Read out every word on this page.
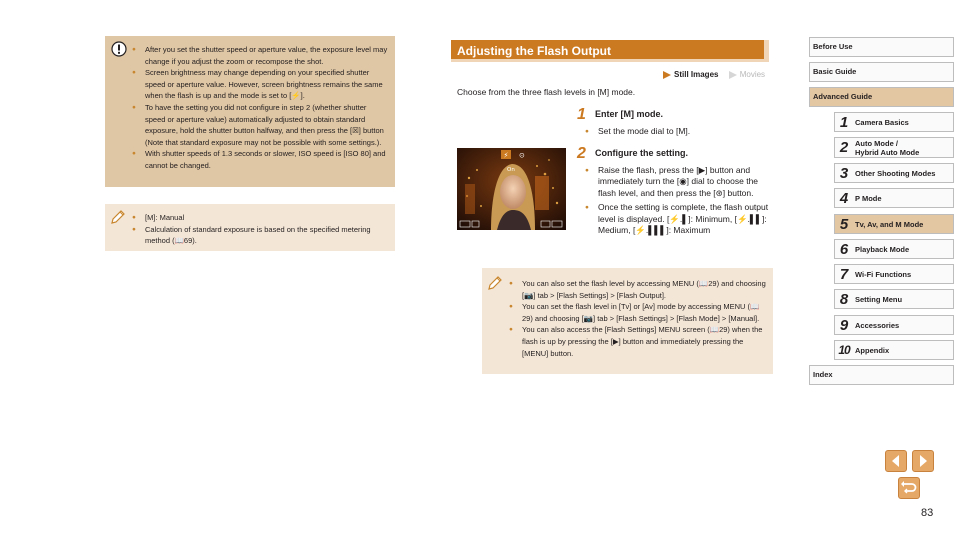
● After you set the shutter speed or aperture value, the exposure level may change if you adjust the zoom or recompose the shot.
● Screen brightness may change depending on your specified shutter speed or aperture value. However, screen brightness remains the same when the flash is up and the mode is set to [⚡].
● To have the setting you did not configure in step 2 (whether shutter speed or aperture value) automatically adjusted to obtain standard exposure, hold the shutter button halfway, and then press the [☒] button (Note that standard exposure may not be possible with some settings.).
● With shutter speeds of 1.3 seconds or slower, ISO speed is [ISO 80] and cannot be changed.
● [M]: Manual
● Calculation of standard exposure is based on the specified metering method (📖69).
Adjusting the Flash Output
Still Images
	Movies
Choose from the three flash levels in [M] mode.
1 Enter [M] mode.
● Set the mode dial to [M].
⚡ ⊙
On
2 Configure the setting.
● Raise the flash, press the [▶] button and immediately turn the [◉] dial to choose the flash level, and then press the [⊛] button.
● Once the setting is complete, the flash output level is displayed. [⚡.▌]: Minimum, [⚡.▌▌]: Medium, [⚡.▌▌▌]: Maximum
● You can also set the flash level by accessing MENU (📖29) and choosing [📷] tab > [Flash Settings] > [Flash Output].
● You can set the flash level in [Tv] or [Av] mode by accessing MENU (📖29) and choosing [📷] tab > [Flash Settings] > [Flash Mode] > [Manual].
● You can also access the [Flash Settings] MENU screen (📖29) when the flash is up by pressing the [▶] button and immediately pressing the [MENU] button.
Before Use
Basic Guide
Advanced Guide
1 Camera Basics
2 Auto Mode /
Hybrid Auto Mode
3 Other Shooting Modes
4 P Mode
5 Tv, Av, and M Mode
6 Playback Mode
7 Wi-Fi Functions
8 Setting Menu
9 Accessories
10 Appendix
Index
83
